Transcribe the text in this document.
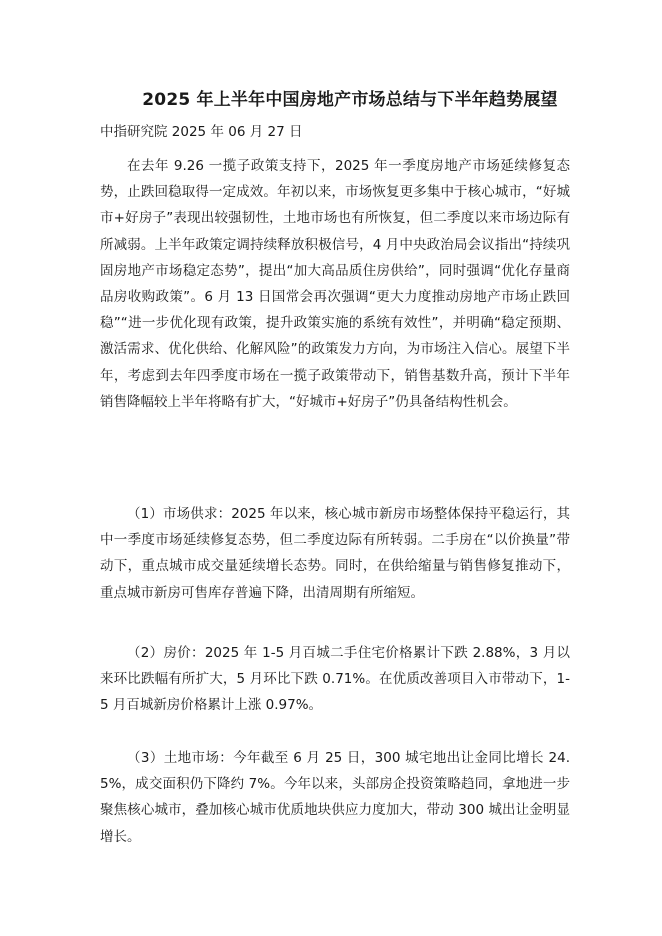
2025 年上半年中国房地产市场总结与下半年趋势展望
中指研究院 2025 年 06 月 27 日

在去年 9.26 一揽子政策支持下，2025 年一季度房地产市场延续修复态势，止跌回稳取得一定成效。年初以来，市场恢复更多集中于核心城市，“好城市+好房子”表现出较强韧性，土地市场也有所恢复，但二季度以来市场边际有所减弱。上半年政策定调持续释放积极信号，4 月中央政治局会议指出“持续巩固房地产市场稳定态势”，提出“加大高品质住房供给”，同时强调“优化存量商品房收购政策”。6 月 13 日国常会再次强调“更大力度推动房地产市场止跌回稳”“进一步优化现有政策，提升政策实施的系统有效性”，并明确“稳定预期、激活需求、优化供给、化解风险”的政策发力方向，为市场注入信心。展望下半年，考虑到去年四季度市场在一揽子政策带动下，销售基数升高，预计下半年销售降幅较上半年将略有扩大，“好城市+好房子”仍具备结构性机会。

（1）市场供求：2025 年以来，核心城市新房市场整体保持平稳运行，其中一季度市场延续修复态势，但二季度边际有所转弱。二手房在“以价换量”带动下，重点城市成交量延续增长态势。同时，在供给缩量与销售修复推动下，重点城市新房可售库存普遍下降，出清周期有所缩短。

（2）房价：2025 年 1-5 月百城二手住宅价格累计下跌 2.88%，3 月以来环比跌幅有所扩大，5 月环比下跌 0.71%。在优质改善项目入市带动下，1-5 月百城新房价格累计上涨 0.97%。

（3）土地市场：今年截至 6 月 25 日，300 城宅地出让金同比增长 24.5%，成交面积仍下降约 7%。今年以来，头部房企投资策略趋同，拿地进一步聚焦核心城市，叠加核心城市优质地块供应力度加大，带动 300 城出让金明显增长。
